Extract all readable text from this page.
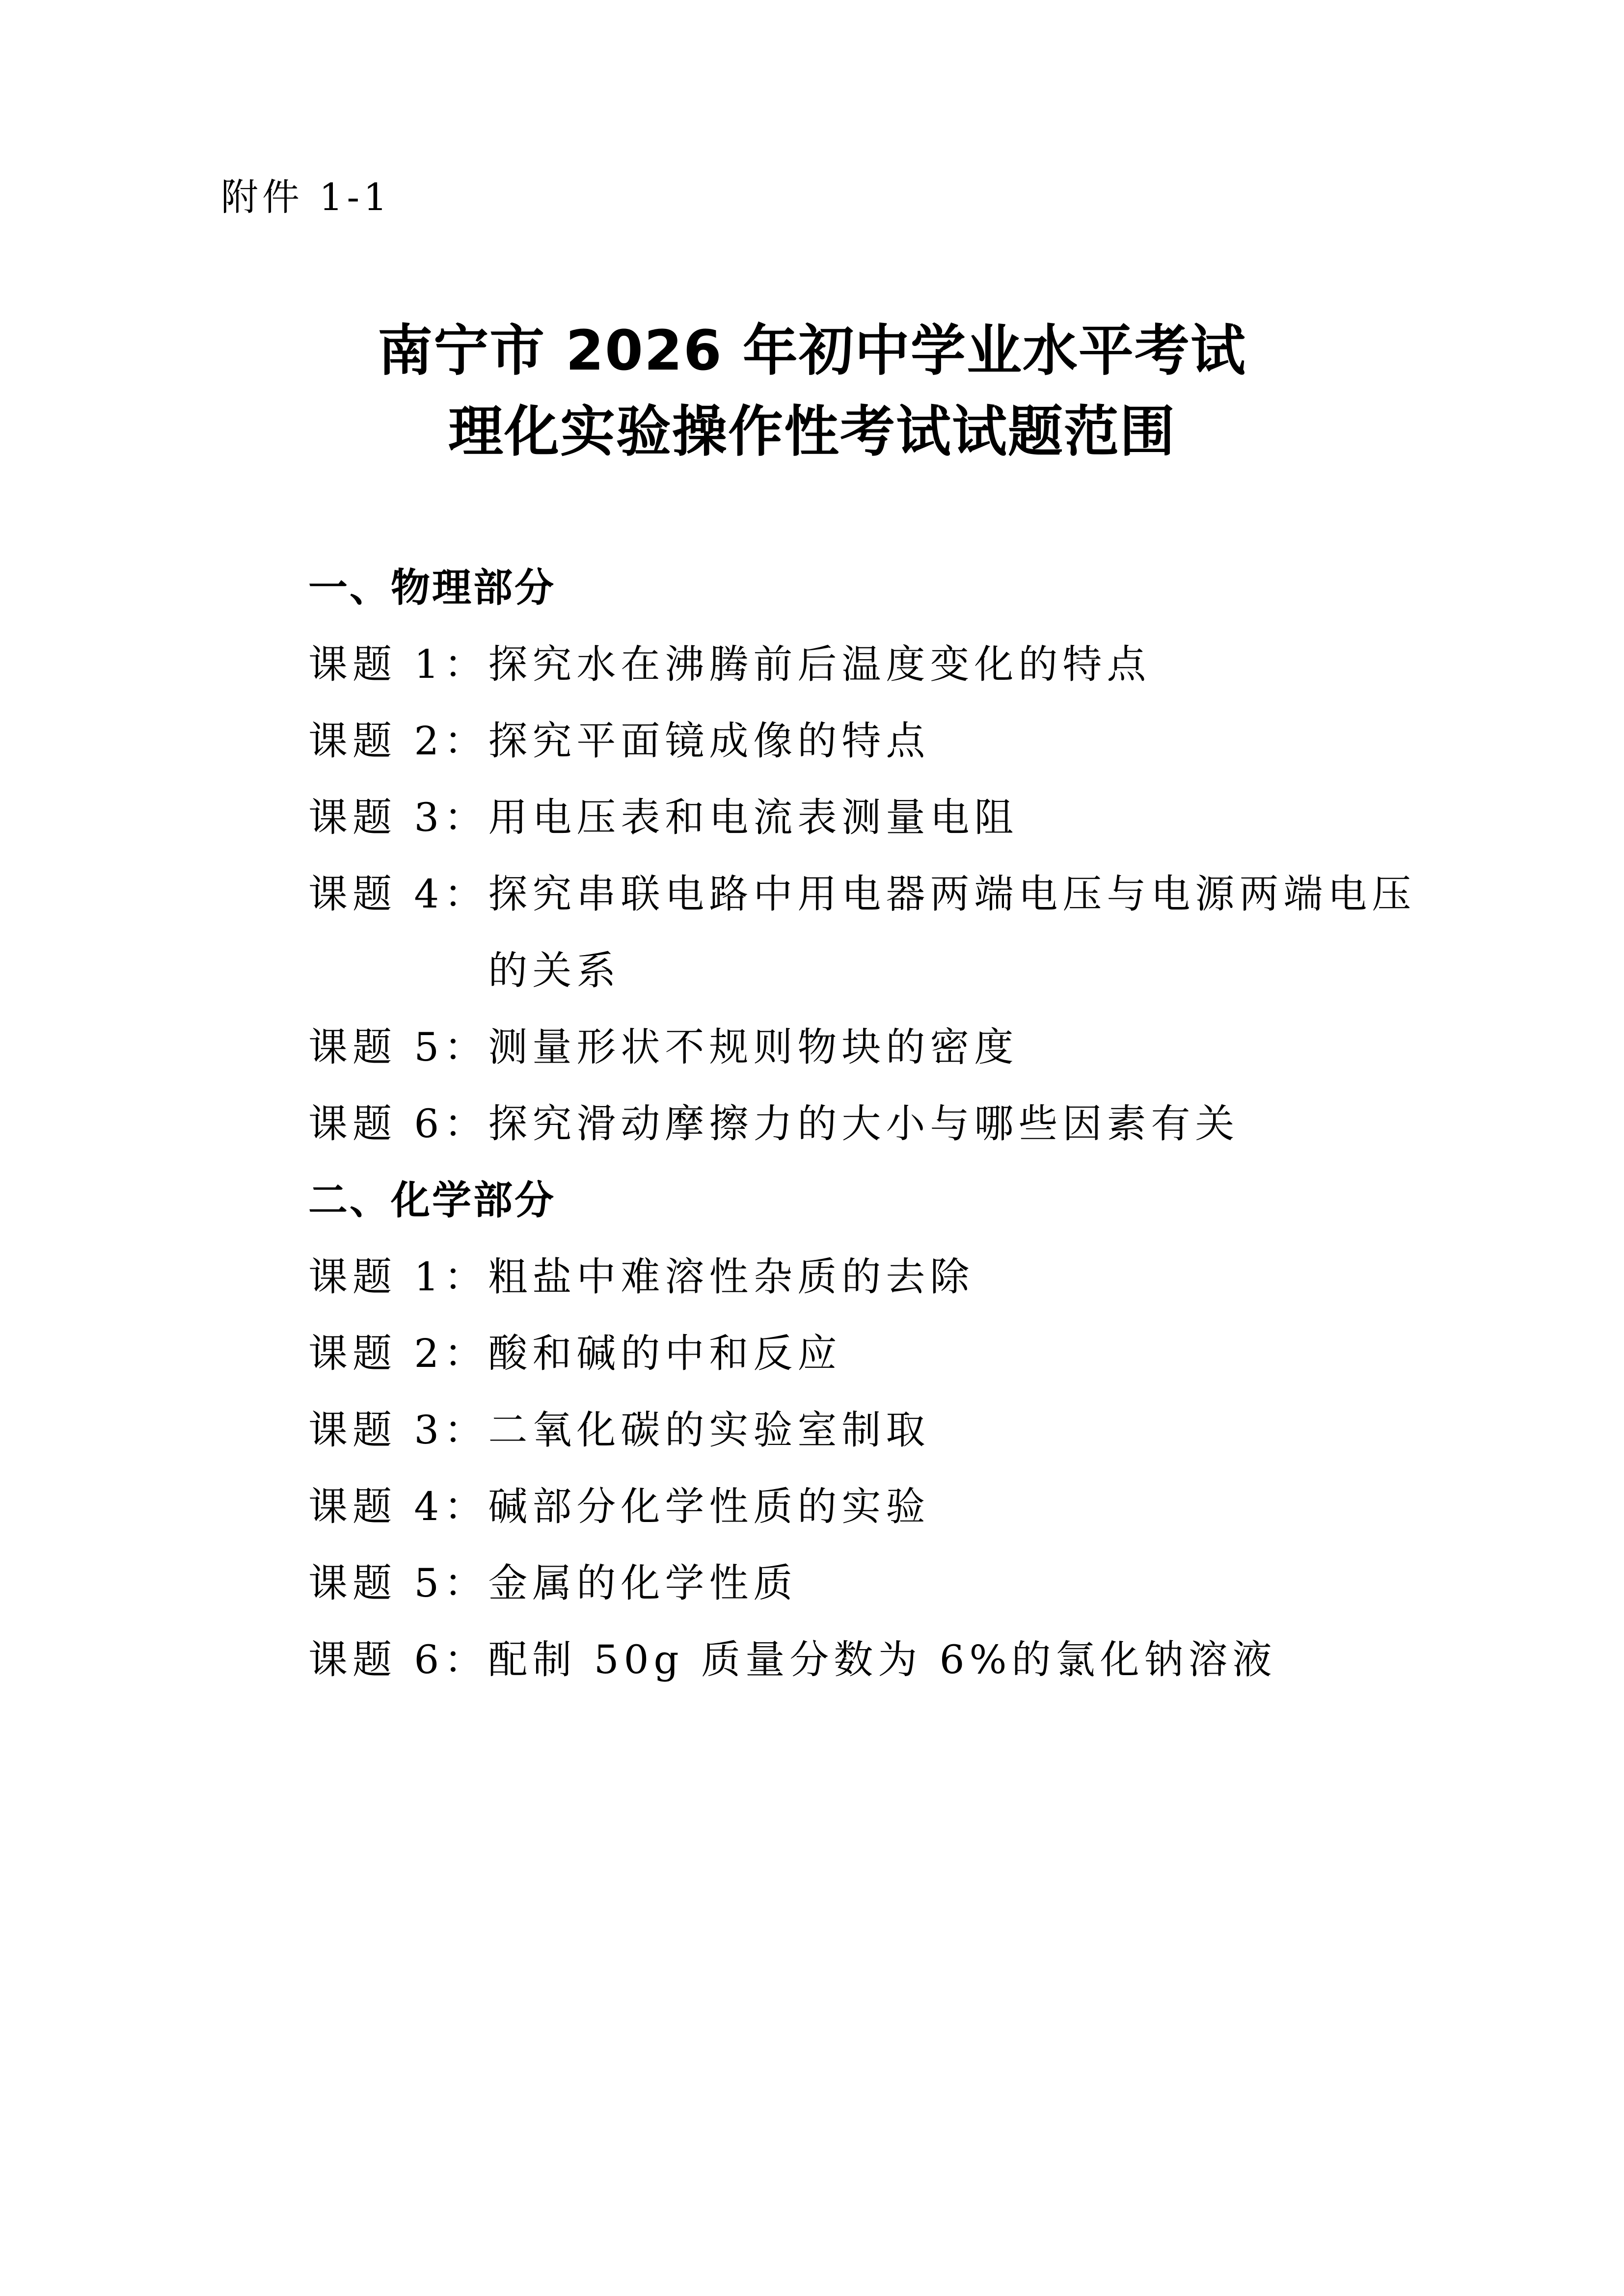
附件 1-1
南宁市 2026 年初中学业水平考试
理化实验操作性考试试题范围
一、物理部分
课题 1： 探究水在沸腾前后温度变化的特点
课题 2： 探究平面镜成像的特点
课题 3： 用电压表和电流表测量电阻
课题 4： 探究串联电路中用电器两端电压与电源两端电压的关系
课题 5： 测量形状不规则物块的密度
课题 6： 探究滑动摩擦力的大小与哪些因素有关
二、化学部分
课题 1： 粗盐中难溶性杂质的去除
课题 2： 酸和碱的中和反应
课题 3： 二氧化碳的实验室制取
课题 4： 碱部分化学性质的实验
课题 5： 金属的化学性质
课题 6： 配制 50g 质量分数为 6%的氯化钠溶液
